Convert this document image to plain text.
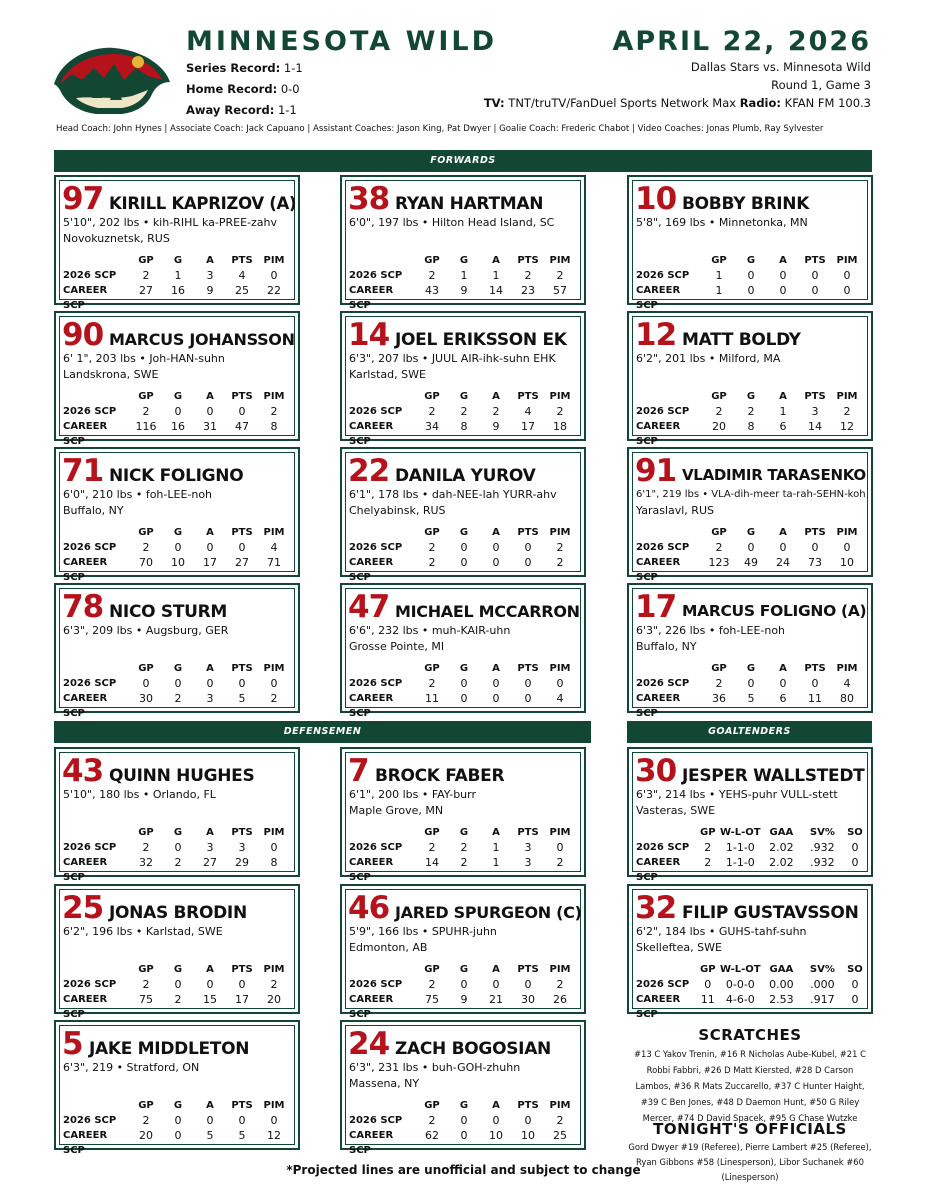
MINNESOTA WILD
Series Record: 1-1
Home Record: 0-0
Away Record: 1-1
APRIL 22, 2026
Dallas Stars vs. Minnesota Wild
Round 1, Game 3
TV: TNT/truTV/FanDuel Sports Network Max Radio: KFAN FM 100.3
Head Coach: John Hynes | Associate Coach: Jack Capuano | Assistant Coaches: Jason King, Pat Dwyer | Goalie Coach: Frederic Chabot | Video Coaches: Jonas Plumb, Ray Sylvester
FORWARDS
DEFENSEMEN	GOALTENDERS
97 KIRILL KAPRIZOV (A)
5'10", 202 lbs • kih-RIHL ka-PREE-zahv
Novokuznetsk, RUS
GP	G	A	PTS	PIM
2026 SCP	2	1	3	4	0
CAREER SCP
27	16	9	25	22
38 RYAN HARTMAN
6'0", 197 lbs • Hilton Head Island, SC
GP	G	A	PTS	PIM
2026 SCP	2	1	1	2	2
CAREER SCP
43	9	14	23	57
10 BOBBY BRINK
5'8", 169 lbs • Minnetonka, MN
GP	G	A	PTS	PIM
2026 SCP	1	0	0	0	0
CAREER SCP
1	0	0	0	0
90 MARCUS JOHANSSON
6' 1", 203 lbs • Joh-HAN-suhn
Landskrona, SWE
GP	G	A	PTS	PIM
2026 SCP	2	0	0	0	2
CAREER SCP
116	16	31	47	8
14 JOEL ERIKSSON EK
6'3", 207 lbs • JUUL AIR-ihk-suhn EHK
Karlstad, SWE
GP	G	A	PTS	PIM
2026 SCP	2	2	2	4	2
CAREER SCP
34	8	9	17	18
12 MATT BOLDY
6'2", 201 lbs • Milford, MA
GP	G	A	PTS	PIM
2026 SCP	2	2	1	3	2
CAREER SCP
20	8	6	14	12
71 NICK FOLIGNO
6'0", 210 lbs • foh-LEE-noh
Buffalo, NY
GP	G	A	PTS	PIM
2026 SCP	2	0	0	0	4
CAREER SCP
70	10	17	27	71
22 DANILA YUROV
6'1", 178 lbs • dah-NEE-lah YURR-ahv
Chelyabinsk, RUS
GP	G	A	PTS	PIM
2026 SCP	2	0	0	0	2
CAREER SCP
2	0	0	0	2
91 VLADIMIR TARASENKO
6'1", 219 lbs • VLA-dih-meer ta-rah-SEHN-koh
Yaraslavl, RUS
GP	G	A	PTS	PIM
2026 SCP	2	0	0	0	0
CAREER SCP
123	49	24	73	10
78 NICO STURM
6'3", 209 lbs • Augsburg, GER
GP	G	A	PTS	PIM
2026 SCP	0	0	0	0	0
CAREER SCP
30	2	3	5	2
47 MICHAEL MCCARRON
6'6", 232 lbs • muh-KAIR-uhn
Grosse Pointe, MI
GP	G	A	PTS	PIM
2026 SCP	2	0	0	0	0
CAREER SCP
11	0	0	0	4
17 MARCUS FOLIGNO (A)
6'3", 226 lbs • foh-LEE-noh
Buffalo, NY
GP	G	A	PTS	PIM
2026 SCP	2	0	0	0	4
CAREER SCP
36	5	6	11	80
43 QUINN HUGHES
5'10", 180 lbs • Orlando, FL
GP	G	A	PTS	PIM
2026 SCP	2	0	3	3	0
CAREER SCP
32	2	27	29	8
7 BROCK FABER
6'1", 200 lbs • FAY-burr
Maple Grove, MN
GP	G	A	PTS	PIM
2026 SCP	2	2	1	3	0
CAREER SCP
14	2	1	3	2
25 JONAS BRODIN
6'2", 196 lbs • Karlstad, SWE
GP	G	A	PTS	PIM
2026 SCP	2	0	0	0	2
CAREER SCP
75	2	15	17	20
46 JARED SPURGEON (C)
5'9", 166 lbs • SPUHR-juhn
Edmonton, AB
GP	G	A	PTS	PIM
2026 SCP	2	0	0	0	2
CAREER SCP
75	9	21	30	26
5 JAKE MIDDLETON
6'3", 219 • Stratford, ON
GP	G	A	PTS	PIM
2026 SCP	2	0	0	0	0
CAREER SCP
20	0	5	5	12
24 ZACH BOGOSIAN
6'3", 231 lbs • buh-GOH-zhuhn
Massena, NY
GP	G	A	PTS	PIM
2026 SCP	2	0	0	0	2
CAREER SCP
62	0	10	10	25
30 JESPER WALLSTEDT
6'3", 214 lbs • YEHS-puhr VULL-stett
Vasteras, SWE
GP W-L-OT GAA	SV%	SO
2026 SCP	2	1-1-0	2.02	.932	0
CAREER SCP
2	1-1-0	2.02	.932	0
32 FILIP GUSTAVSSON
6'2", 184 lbs • GUHS-tahf-suhn
Skelleftea, SWE
GP W-L-OT GAA	SV%	SO
2026 SCP	0	0-0-0	0.00	.000	0
CAREER SCP
11	4-6-0	2.53	.917	0
SCRATCHES
#13 C Yakov Trenin, #16 R Nicholas Aube-Kubel, #21 C Robbi Fabbri, #26 D Matt Kiersted, #28 D Carson Lambos, #36 R Mats Zuccarello, #37 C Hunter Haight, #39 C Ben Jones, #48 D Daemon Hunt, #50 G Riley Mercer, #74 D David Spacek, #95 G Chase Wutzke
TONIGHT'S OFFICIALS
Gord Dwyer #19 (Referee), Pierre Lambert #25 (Referee), Ryan Gibbons #58 (Linesperson), Libor Suchanek #60 (Linesperson)
*Projected lines are unofficial and subject to change
